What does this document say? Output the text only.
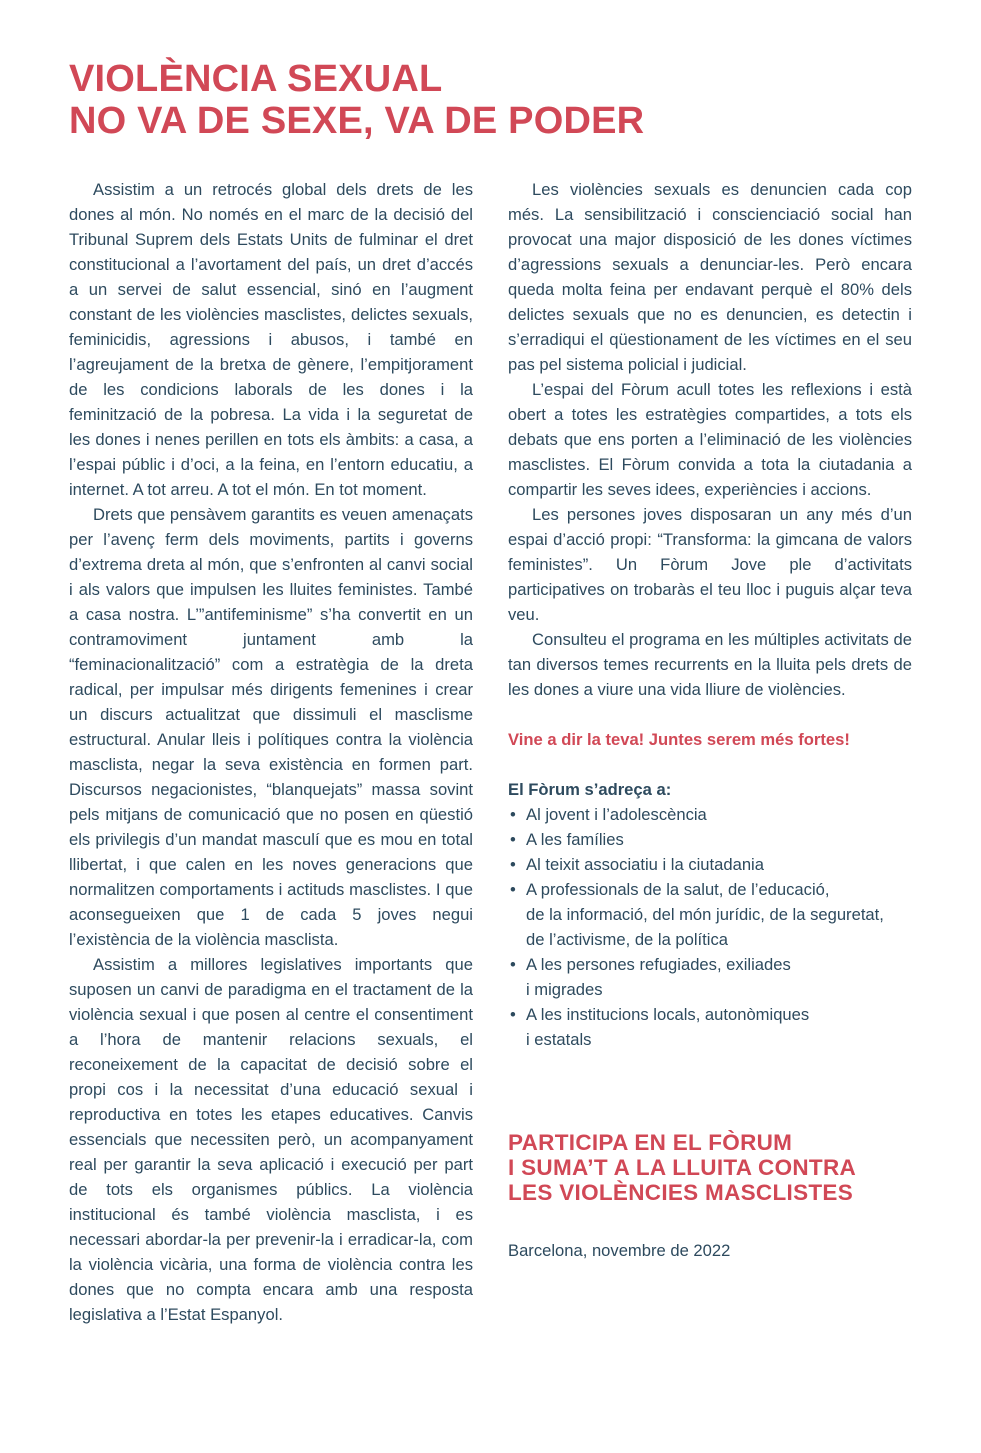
VIOLÈNCIA SEXUAL
NO VA DE SEXE, VA DE PODER

Assistim a un retrocés global dels drets de les dones al món. No només en el marc de la decisió del Tribunal Suprem dels Estats Units de fulminar el dret constitucional a l’avortament del país, un dret d’accés a un servei de salut essencial, sinó en l’augment constant de les violències masclistes, delictes sexuals, feminicidis, agressions i abusos, i també en l’agreujament de la bretxa de gènere, l’empitjorament de les condicions laborals de les dones i la feminització de la pobresa. La vida i la seguretat de les dones i nenes perillen en tots els àmbits: a casa, a l’espai públic i d’oci, a la feina, en l’entorn educatiu, a internet. A tot arreu. A tot el món. En tot moment.

Drets que pensàvem garantits es veuen amenaçats per l’avenç ferm dels moviments, partits i governs d’extrema dreta al món, que s’enfronten al canvi social i als valors que impulsen les lluites feministes. També a casa nostra. L’”antifeminisme” s’ha convertit en un contramoviment juntament amb la “feminacionalització” com a estratègia de la dreta radical, per impulsar més dirigents femenines i crear un discurs actualitzat que dissimuli el masclisme estructural. Anular lleis i polítiques contra la violència masclista, negar la seva existència en formen part. Discursos negacionistes, “blanquejats” massa sovint pels mitjans de comunicació que no posen en qüestió els privilegis d’un mandat masculí que es mou en total llibertat, i que calen en les noves generacions que normalitzen comportaments i actituds masclistes. I que aconsegueixen que 1 de cada 5 joves negui l’existència de la violència masclista.

Assistim a millores legislatives importants que suposen un canvi de paradigma en el tractament de la violència sexual i que posen al centre el consentiment a l’hora de mantenir relacions sexuals, el reconeixement de la capacitat de decisió sobre el propi cos i la necessitat d’una educació sexual i reproductiva en totes les etapes educatives. Canvis essencials que necessiten però, un acompanyament real per garantir la seva aplicació i execució per part de tots els organismes públics. La violència institucional és també violència masclista, i es necessari abordar-la per prevenir-la i erradicar-la, com la violència vicària, una forma de violència contra les dones que no compta encara amb una resposta legislativa a l’Estat Espanyol.

Les violències sexuals es denuncien cada cop més. La sensibilització i conscienciació social han provocat una major disposició de les dones víctimes d’agressions sexuals a denunciar-les. Però encara queda molta feina per endavant perquè el 80% dels delictes sexuals que no es denuncien, es detectin i s’erradiqui el qüestionament de les víctimes en el seu pas pel sistema policial i judicial.

L’espai del Fòrum acull totes les reflexions i està obert a totes les estratègies compartides, a tots els debats que ens porten a l’eliminació de les violències masclistes. El Fòrum convida a tota la ciutadania a compartir les seves idees, experiències i accions.

Les persones joves disposaran un any més d’un espai d’acció propi: “Transforma: la gimcana de valors feministes”. Un Fòrum Jove ple d’activitats participatives on trobaràs el teu lloc i puguis alçar teva veu.

Consulteu el programa en les múltiples activitats de tan diversos temes recurrents en la lluita pels drets de les dones a viure una vida lliure de violències.

Vine a dir la teva! Juntes serem més fortes!
El Fòrum s’adreça a:
• Al jovent i l’adolescència
• A les famílies
• Al teixit associatiu i la ciutadania
• A professionals de la salut, de l’educació,
de la informació, del món jurídic, de la seguretat,
de l’activisme, de la política
• A les persones refugiades, exiliades
i migrades
• A les institucions locals, autonòmiques
i estatals
PARTICIPA EN EL FÒRUM
I SUMA’T A LA LLUITA CONTRA
LES VIOLÈNCIES MASCLISTES
Barcelona, novembre de 2022
